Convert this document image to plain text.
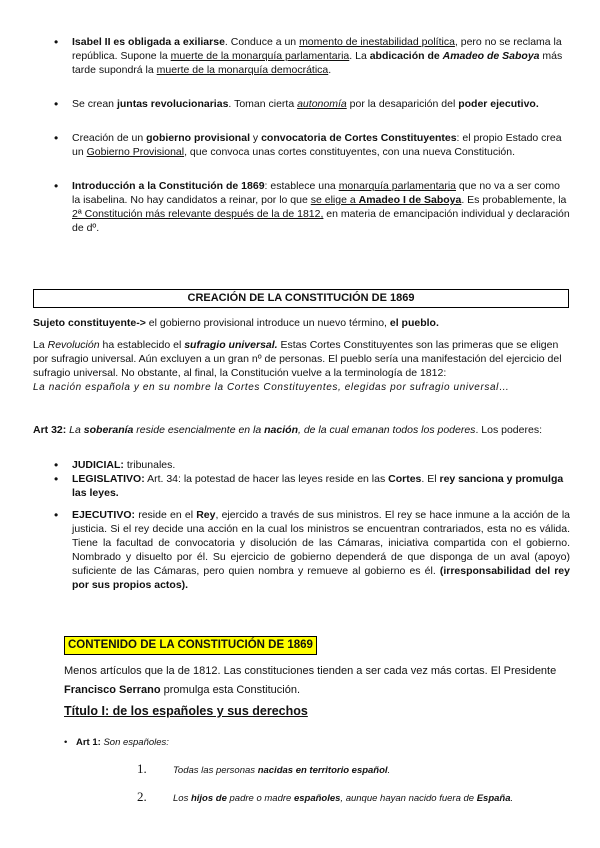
• Isabel II es obligada a exiliarse. Conduce a un momento de inestabilidad política, pero no se reclama la república. Supone la muerte de la monarquía parlamentaria. La abdicación de Amadeo de Saboya más tarde supondrá la muerte de la monarquía democrática.
• Se crean juntas revolucionarias. Toman cierta autonomía por la desaparición del poder ejecutivo.
• Creación de un gobierno provisional y convocatoria de Cortes Constituyentes: el propio Estado crea un Gobierno Provisional, que convoca unas cortes constituyentes, con una nueva Constitución.
• Introducción a la Constitución de 1869: establece una monarquía parlamentaria que no va a ser como la isabelina. No hay candidatos a reinar, por lo que se elige a Amadeo I de Saboya. Es probablemente, la 2ª Constitución más relevante después de la de 1812, en materia de emancipación individual y declaración de dº.
CREACIÓN DE LA CONSTITUCIÓN DE 1869
Sujeto constituyente-> el gobierno provisional introduce un nuevo término, el pueblo.
La Revolución ha establecido el sufragio universal. Estas Cortes Constituyentes son las primeras que se eligen por sufragio universal. Aún excluyen a un gran nº de personas. El pueblo sería una manifestación del ejercicio del sufragio universal. No obstante, al final, la Constitución vuelve a la terminología de 1812:
La nación española y en su nombre la Cortes Constituyentes, elegidas por sufragio universal…
Art 32: La soberanía reside esencialmente en la nación, de la cual emanan todos los poderes. Los poderes:
• JUDICIAL: tribunales.
• LEGISLATIVO: Art. 34: la potestad de hacer las leyes reside en las Cortes. El rey sanciona y promulga las leyes.
• EJECUTIVO: reside en el Rey, ejercido a través de sus ministros. El rey se hace inmune a la acción de la justicia. Si el rey decide una acción en la cual los ministros se encuentran contrariados, esta no es válida. Tiene la facultad de convocatoria y disolución de las Cámaras, iniciativa compartida con el gobierno. Nombrado y disuelto por él. Su ejercicio de gobierno dependerá de que disponga de un aval (apoyo) suficiente de las Cámaras, pero quien nombra y remueve al gobierno es él. (irresponsabilidad del rey por sus propios actos).
CONTENIDO DE LA CONSTITUCIÓN DE 1869
Menos artículos que la de 1812. Las constituciones tienden a ser cada vez más cortas. El Presidente Francisco Serrano promulga esta Constitución.
Título I: de los españoles y sus derechos
• Art 1: Son españoles:
1.	Todas las personas nacidas en territorio español.
2.	Los hijos de padre o madre españoles, aunque hayan nacido fuera de España.
